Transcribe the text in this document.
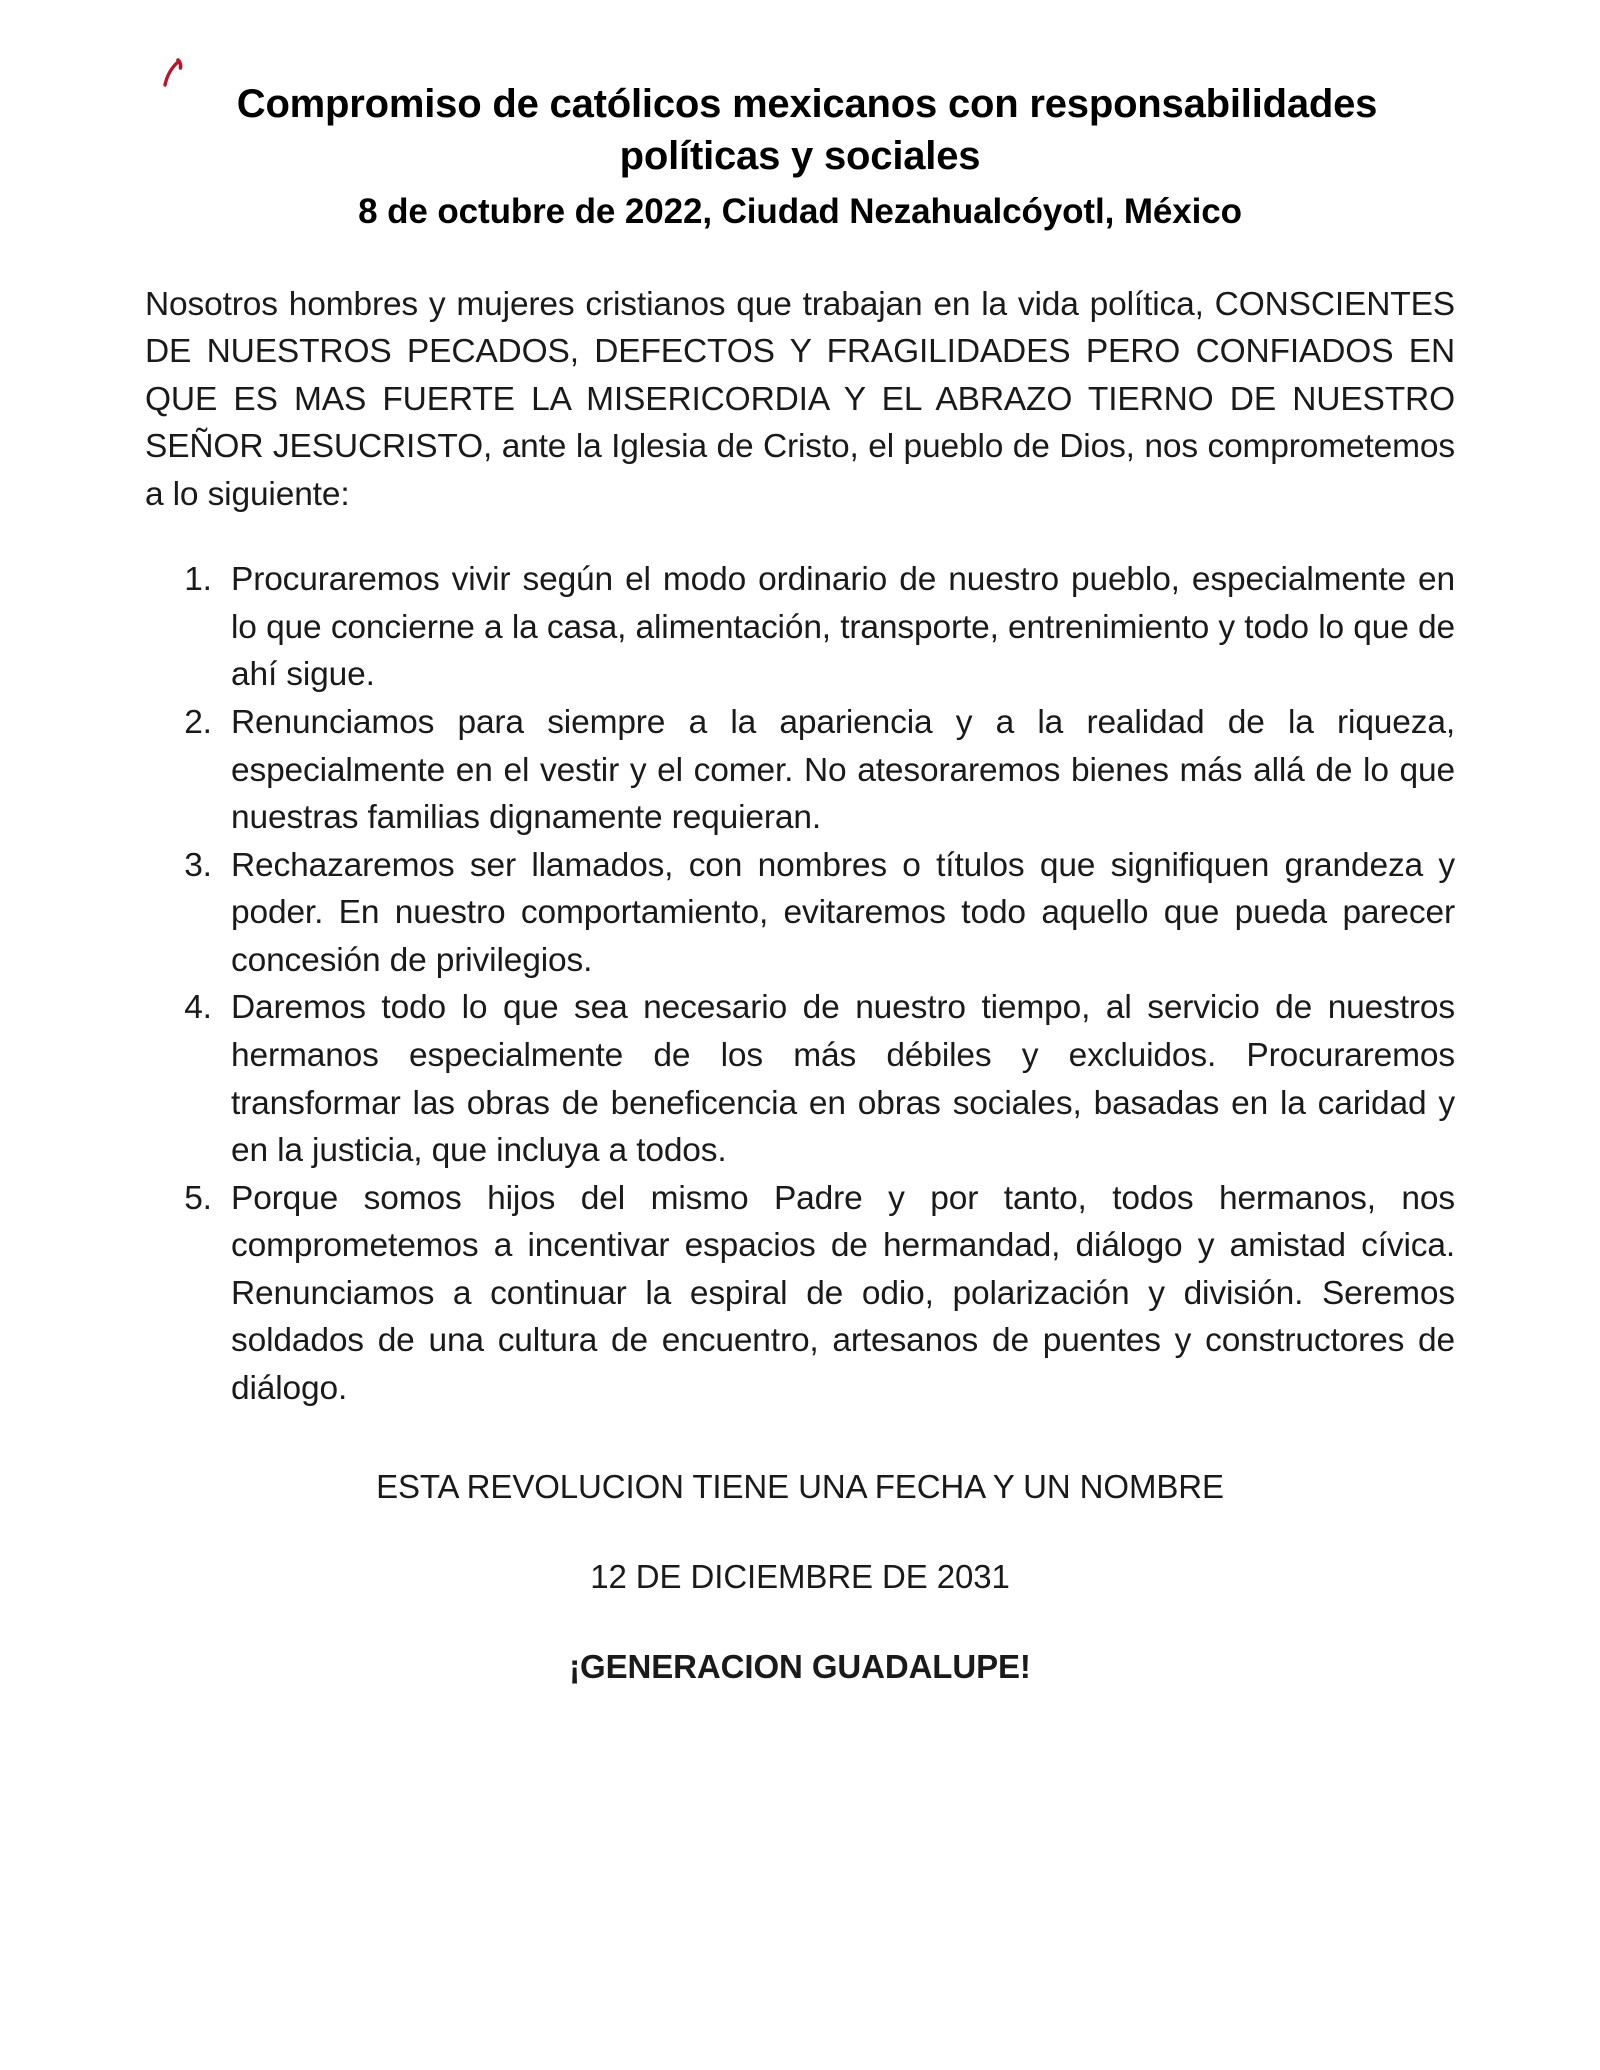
Compromiso de católicos mexicanos con responsabilidades
políticas y sociales
8 de octubre de 2022, Ciudad Nezahualcóyotl, México

Nosotros hombres y mujeres cristianos que trabajan en la vida política, CONSCIENTES DE NUESTROS PECADOS, DEFECTOS Y FRAGILIDADES PERO CONFIADOS EN QUE ES MAS FUERTE LA MISERICORDIA Y EL ABRAZO TIERNO DE NUESTRO SEÑOR JESUCRISTO, ante la Iglesia de Cristo, el pueblo de Dios, nos comprometemos a lo siguiente:

1. Procuraremos vivir según el modo ordinario de nuestro pueblo, especialmente en lo que concierne a la casa, alimentación, transporte, entrenimiento y todo lo que de ahí sigue.
2. Renunciamos para siempre a la apariencia y a la realidad de la riqueza, especialmente en el vestir y el comer. No atesoraremos bienes más allá de lo que nuestras familias dignamente requieran.
3. Rechazaremos ser llamados, con nombres o títulos que signifiquen grandeza y poder. En nuestro comportamiento, evitaremos todo aquello que pueda parecer concesión de privilegios.
4. Daremos todo lo que sea necesario de nuestro tiempo, al servicio de nuestros hermanos especialmente de los más débiles y excluidos. Procuraremos transformar las obras de beneficencia en obras sociales, basadas en la caridad y en la justicia, que incluya a todos.
5. Porque somos hijos del mismo Padre y por tanto, todos hermanos, nos comprometemos a incentivar espacios de hermandad, diálogo y amistad cívica. Renunciamos a continuar la espiral de odio, polarización y división. Seremos soldados de una cultura de encuentro, artesanos de puentes y constructores de diálogo.
ESTA REVOLUCION TIENE UNA FECHA Y UN NOMBRE
12 DE DICIEMBRE DE 2031
¡GENERACION GUADALUPE!
